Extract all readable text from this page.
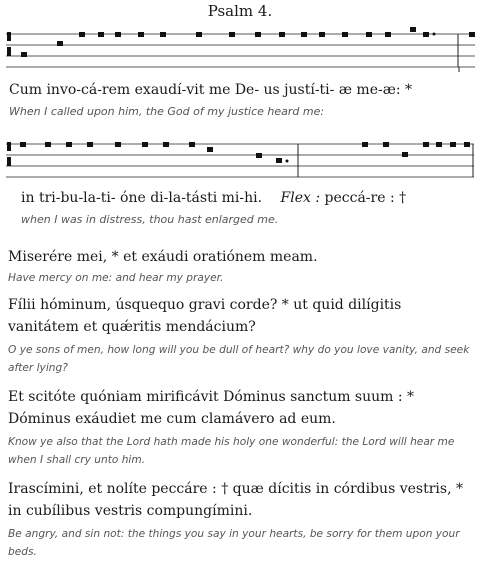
Psalm 4.
Cum invo-cá-rem exaudí-vit me De- us justí-ti- æ me-æ: *
When I called upon him, the God of my justice heard me:
in tri-bu-la-ti- óne di-la-tásti mi-hi. Flex : peccá-re : †
when I was in distress, thou hast enlarged me.
Miserére mei, * et exáudi oratiónem meam.
Have mercy on me: and hear my prayer.
Fílii hóminum, úsquequo gravi corde? * ut quid dilígitis vanitátem et quǽritis mendácium?
O ye sons of men, how long will you be dull of heart? why do you love vanity, and seek after lying?
Et scitóte quóniam mirificávit Dóminus sanctum suum : * Dóminus exáudiet me cum clamávero ad eum.
Know ye also that the Lord hath made his holy one wonderful: the Lord will hear me when I shall cry unto him.
Irascímini, et nolíte peccáre : † quæ dícitis in córdibus vestris, * in cubílibus vestris compungímini.
Be angry, and sin not: the things you say in your hearts, be sorry for them upon your beds.
